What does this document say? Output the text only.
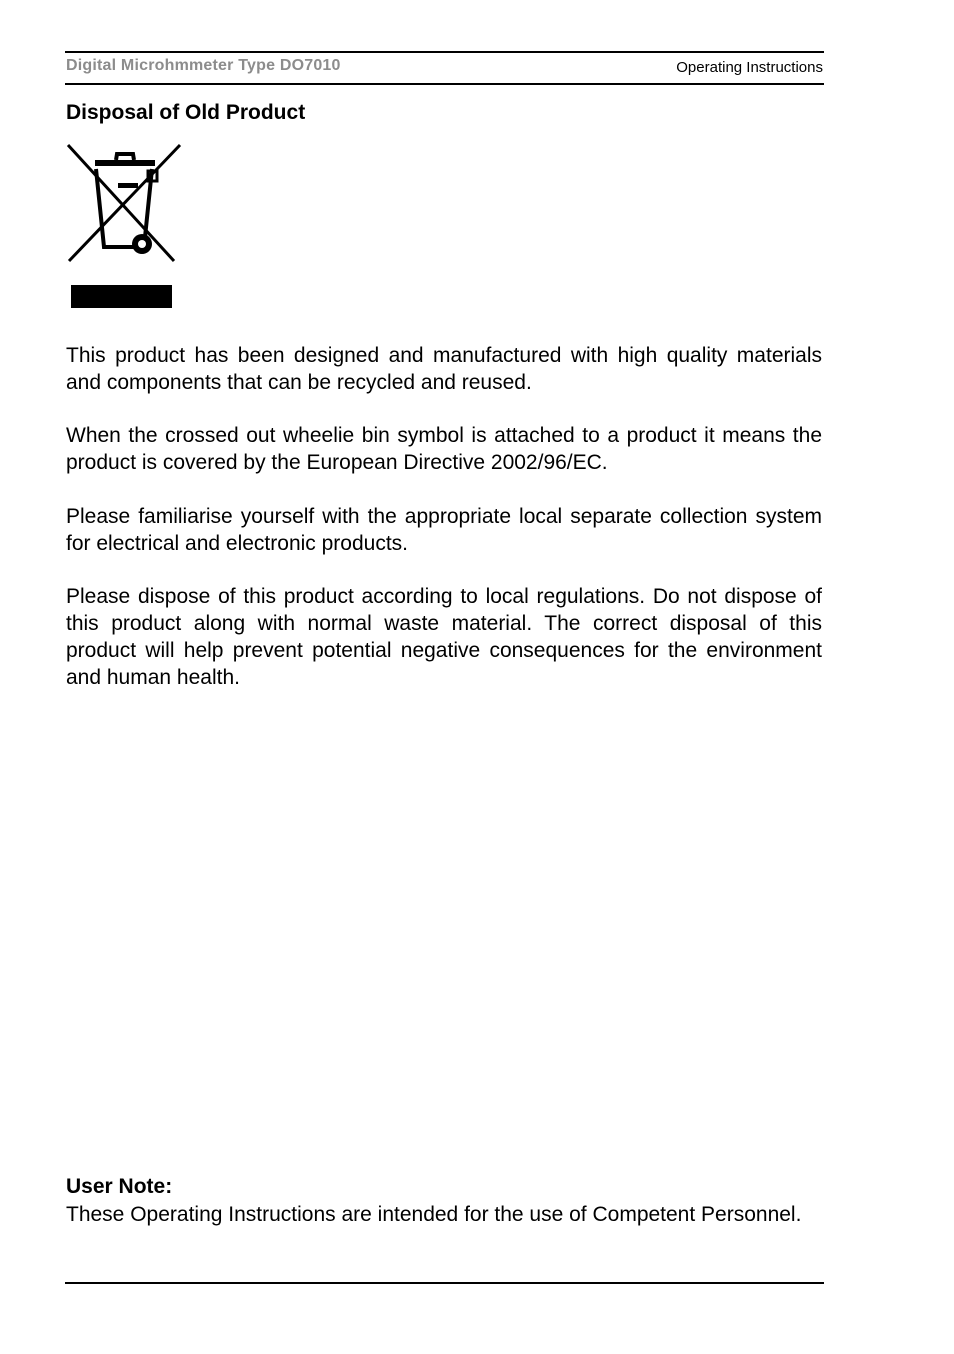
Digital Microhmmeter Type DO7010	Operating Instructions
Disposal of Old Product

This product has been designed and manufactured with high quality materials and components that can be recycled and reused.

When the crossed out wheelie bin symbol is attached to a product it means the product is covered by the European Directive 2002/96/EC.

Please familiarise yourself with the appropriate local separate collection system for electrical and electronic products.

Please dispose of this product according to local regulations. Do not dispose of this product along with normal waste material. The correct disposal of this product will help prevent potential negative consequences for the environment and human health.

User Note:

These Operating Instructions are intended for the use of Competent Personnel.
